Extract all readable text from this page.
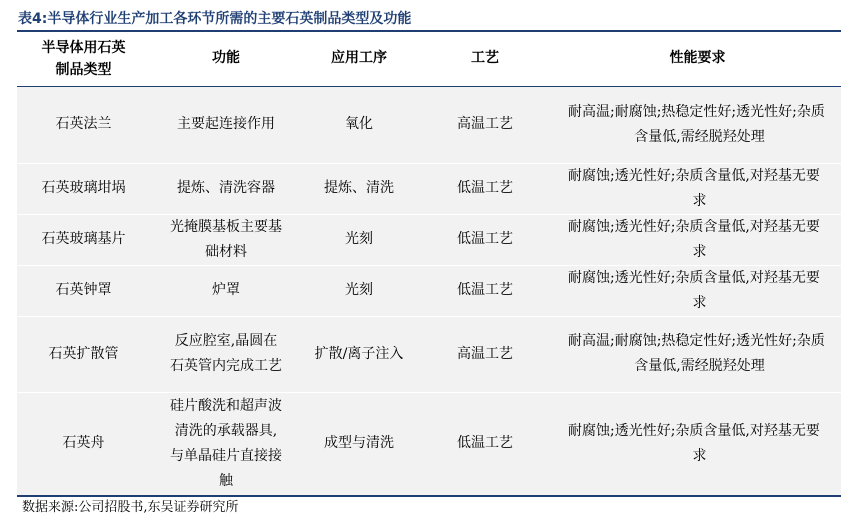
表4:半导体行业生产加工各环节所需的主要石英制品类型及功能
半导体用石英制品类型	功能	应用工序	工艺	性能要求
石英法兰	主要起连接作用	氧化	高温工艺	耐高温;耐腐蚀;热稳定性好;透光性好;杂质含量低,需经脱羟处理
石英玻璃坩埚	提炼、清洗容器	提炼、清洗	低温工艺	耐腐蚀;透光性好;杂质含量低,对羟基无要求
石英玻璃基片	光掩膜基板主要基础材料	光刻	低温工艺	耐腐蚀;透光性好;杂质含量低,对羟基无要求
石英钟罩	炉罩	光刻	低温工艺	耐腐蚀;透光性好;杂质含量低,对羟基无要求
石英扩散管	反应腔室,晶圆在石英管内完成工艺	扩散/离子注入	高温工艺	耐高温;耐腐蚀;热稳定性好;透光性好;杂质含量低,需经脱羟处理
石英舟	硅片酸洗和超声波清洗的承载器具,与单晶硅片直接接触	成型与清洗	低温工艺	耐腐蚀;透光性好;杂质含量低,对羟基无要求
数据来源:公司招股书,东吴证券研究所
